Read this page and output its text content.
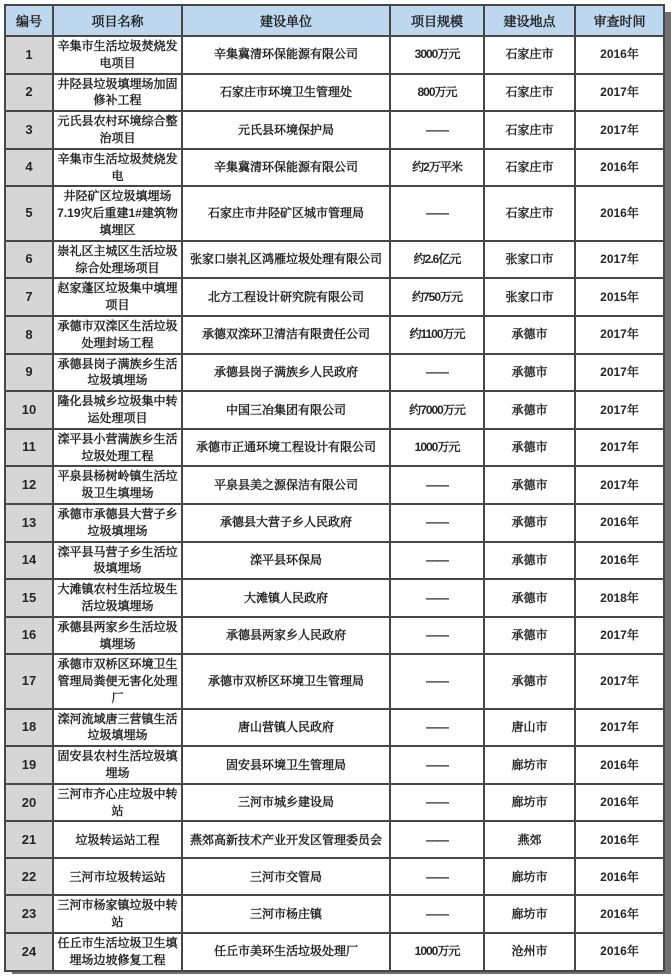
编号	项目名称	建设单位	项目规模	建设地点	审查时间
1	辛集市生活垃圾焚烧发电项目	辛集冀清环保能源有限公司	3000万元	石家庄市	2016年
2	井陉县垃圾填埋场加固修补工程	石家庄市环境卫生管理处	800万元	石家庄市	2017年
3	元氏县农村环境综合整治项目	元氏县环境保护局	——	石家庄市	2017年
4	辛集市生活垃圾焚烧发电	辛集冀清环保能源有限公司	约2万平米	石家庄市	2016年
5	井陉矿区垃圾填埋场7.19灾后重建1#建筑物填埋区	石家庄市井陉矿区城市管理局	——	石家庄市	2016年
6	崇礼区主城区生活垃圾综合处理场项目	张家口崇礼区鸿雁垃圾处理有限公司	约2.6亿元	张家口市	2017年
7	赵家蓬区垃圾集中填埋项目	北方工程设计研究院有限公司	约750万元	张家口市	2015年
8	承德市双滦区生活垃圾处理封场工程	承德双滦环卫清洁有限责任公司	约1100万元	承德市	2017年
9	承德县岗子满族乡生活垃圾填埋场	承德县岗子满族乡人民政府	——	承德市	2017年
10	隆化县城乡垃圾集中转运处理项目	中国三冶集团有限公司	约7000万元	承德市	2017年
11	滦平县小营满族乡生活垃圾处理工程	承德市正通环境工程设计有限公司	1000万元	承德市	2017年
12	平泉县杨树岭镇生活垃圾卫生填埋场	平泉县美之源保洁有限公司	——	承德市	2017年
13	承德市承德县大营子乡垃圾填埋场	承德县大营子乡人民政府	——	承德市	2016年
14	滦平县马营子乡生活垃圾填埋场	滦平县环保局	——	承德市	2016年
15	大滩镇农村生活垃圾生活垃圾填埋场	大滩镇人民政府	——	承德市	2018年
16	承德县两家乡生活垃圾填埋场	承德县两家乡人民政府	——	承德市	2017年
17	承德市双桥区环境卫生管理局粪便无害化处理厂	承德市双桥区环境卫生管理局	——	承德市	2017年
18	滦河流域唐三营镇生活垃圾填埋场	唐山营镇人民政府	——	唐山市	2017年
19	固安县农村生活垃圾填埋场	固安县环境卫生管理局	——	廊坊市	2016年
20	三河市齐心庄垃圾中转站	三河市城乡建设局	——	廊坊市	2016年
21	垃圾转运站工程	燕郊高新技术产业开发区管理委员会	——	燕郊	2016年
22	三河市垃圾转运站	三河市交管局	——	廊坊市	2016年
23	三河市杨家镇垃圾中转站	三河市杨庄镇	——	廊坊市	2016年
24	任丘市生活垃圾卫生填埋场边坡修复工程	任丘市美环生活垃圾处理厂	1000万元	沧州市	2016年
